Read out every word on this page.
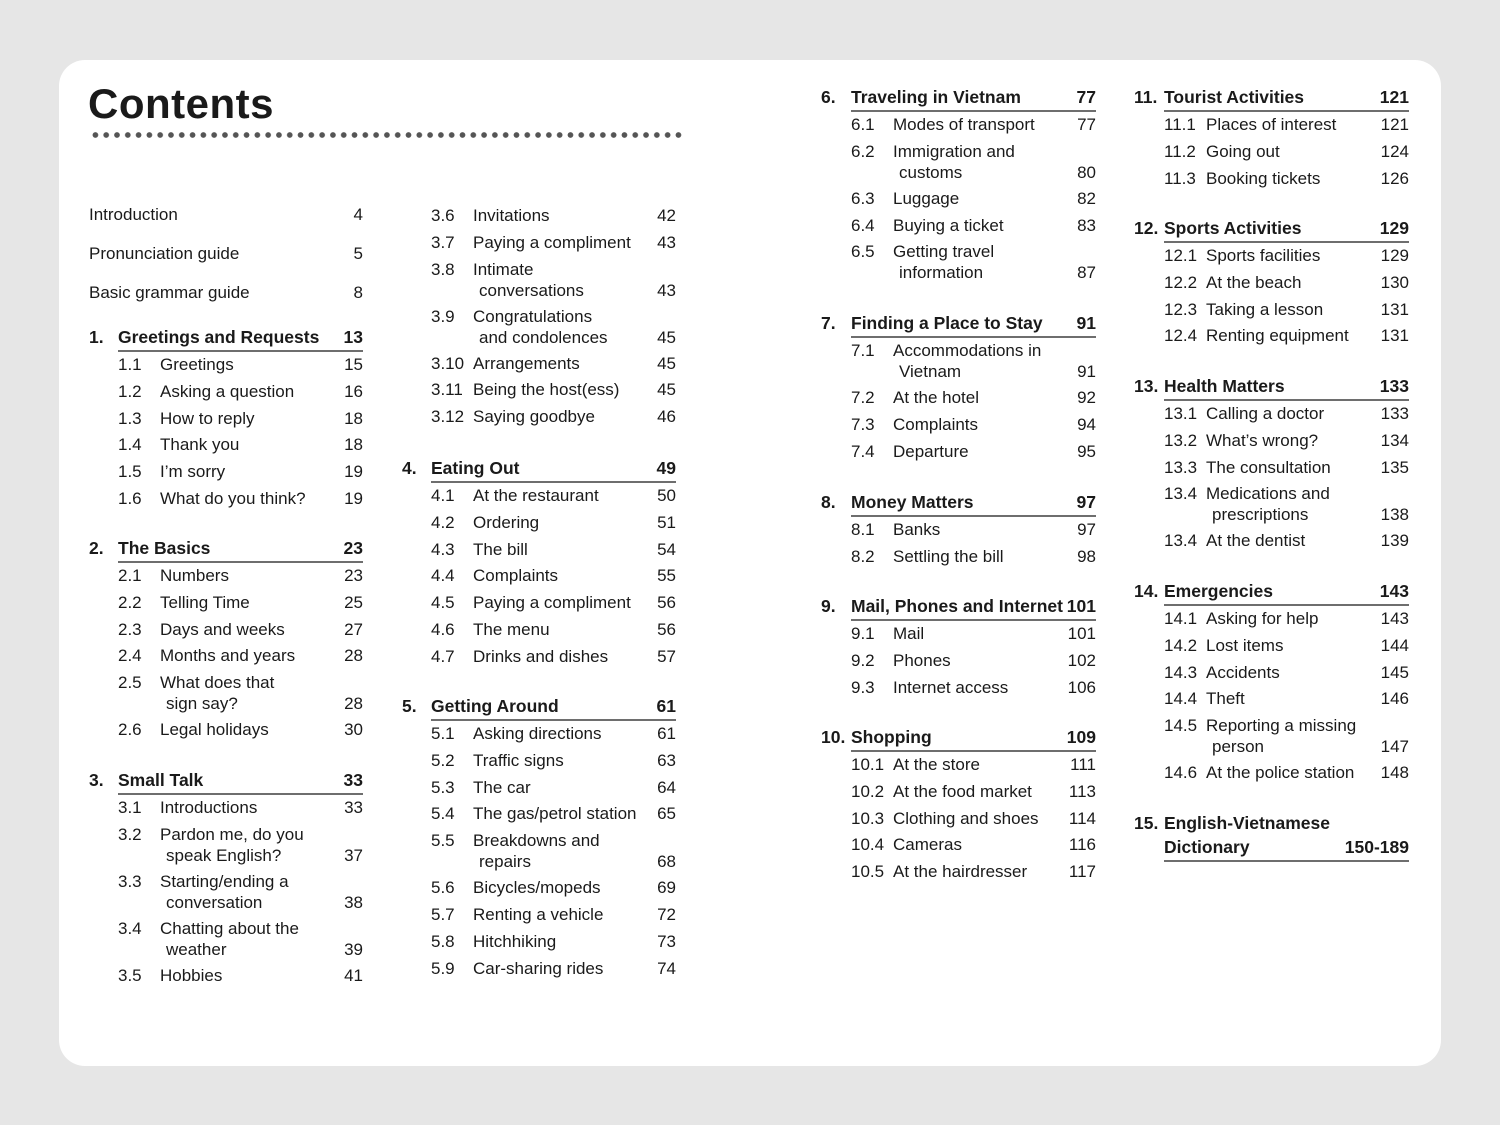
Contents
Introduction	4
Pronunciation guide	5
Basic grammar guide	8
1. Greetings and Requests 13
1.1 Greetings	15
1.2 Asking a question	16
1.3 How to reply	18
1.4 Thank you	18
1.5 I’m sorry	19
1.6 What do you think? 19
2. The Basics	23
2.1 Numbers	23
2.2 Telling Time	25
2.3 Days and weeks	27
2.4 Months and years	28
2.5 What does that
sign say?	28
2.6 Legal holidays	30
3. Small Talk	33
3.1 Introductions	33
3.2 Pardon me, do you
speak English?	37
3.3 Starting/ending a
conversation	38
3.4 Chatting about the
weather	39
3.5 Hobbies	41
3.6 Invitations	42
3.7 Paying a compliment 43
3.8 Intimate
conversations	43
3.9 Congratulations
and condolences	45
3.10 Arrangements	45
3.11 Being the host(ess) 45
3.12 Saying goodbye	46
4. Eating Out	49
4.1 At the restaurant	50
4.2 Ordering	51
4.3 The bill	54
4.4 Complaints	55
4.5 Paying a compliment 56
4.6 The menu	56
4.7 Drinks and dishes	57
5. Getting Around	61
5.1 Asking directions	61
5.2 Traffic signs	63
5.3 The car	64
5.4 The gas/petrol station 65
5.5 Breakdowns and
repairs	68
5.6 Bicycles/mopeds	69
5.7 Renting a vehicle	72
5.8 Hitchhiking	73
5.9 Car-sharing rides	74
6. Traveling in Vietnam	77
6.1 Modes of transport 77
6.2 Immigration and
customs	80
6.3 Luggage	82
6.4 Buying a ticket	83
6.5 Getting travel
information	87
7. Finding a Place to Stay 91
7.1 Accommodations in
Vietnam	91
7.2 At the hotel	92
7.3 Complaints	94
7.4 Departure	95
8. Money Matters	97
8.1 Banks	97
8.2 Settling the bill	98
9. Mail, Phones and Internet 101
9.1 Mail	101
9.2 Phones	102
9.3 Internet access	106
10. Shopping	109
10.1 At the store	111
10.2 At the food market 113
10.3 Clothing and shoes 114
10.4 Cameras	116
10.5 At the hairdresser 117
11. Tourist Activities	121
11.1 Places of interest	121
11.2 Going out	124
11.3 Booking tickets	126
12. Sports Activities	129
12.1 Sports facilities	129
12.2 At the beach	130
12.3 Taking a lesson	131
12.4 Renting equipment 131
13. Health Matters	133
13.1 Calling a doctor	133
13.2 What’s wrong?	134
13.3 The consultation	135
13.4 Medications and
prescriptions	138
13.4 At the dentist	139
14. Emergencies	143
14.1 Asking for help	143
14.2 Lost items	144
14.3 Accidents	145
14.4 Theft	146
14.5 Reporting a missing
person	147
14.6 At the police station 148
15. English-Vietnamese
Dictionary	150-189
